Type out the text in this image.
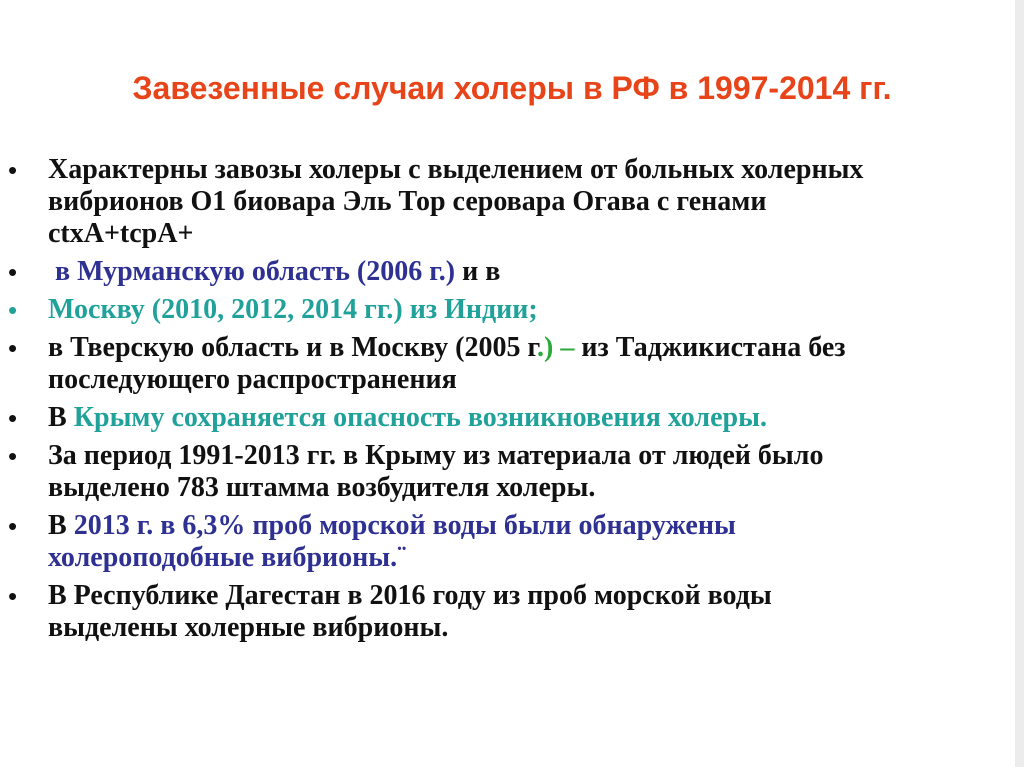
Завезенные случаи холеры в РФ в 1997-2014 гг.
• Характерны завозы холеры с выделением от больных холерных
вибрионов О1 биовара Эль Тор сероварa Огава с генами
ctxA+tcpA+
• в Мурманскую область (2006 г.) и в
• Москву (2010, 2012, 2014 гг.) из Индии;
• в Тверскую область и в Москву (2005 г.) – из Таджикистана без
последующего распространения
• В Крыму сохраняется опасность возникновения холеры.
• За период 1991-2013 гг. в Крыму из материала от людей было
выделено 783 штамма возбудителя холеры.
• В 2013 г. в 6,3% проб морской воды были обнаружены
холероподобные вибрионы.¨
• В Республике Дагестан в 2016 году из проб морской воды
выделены холерные вибрионы.
